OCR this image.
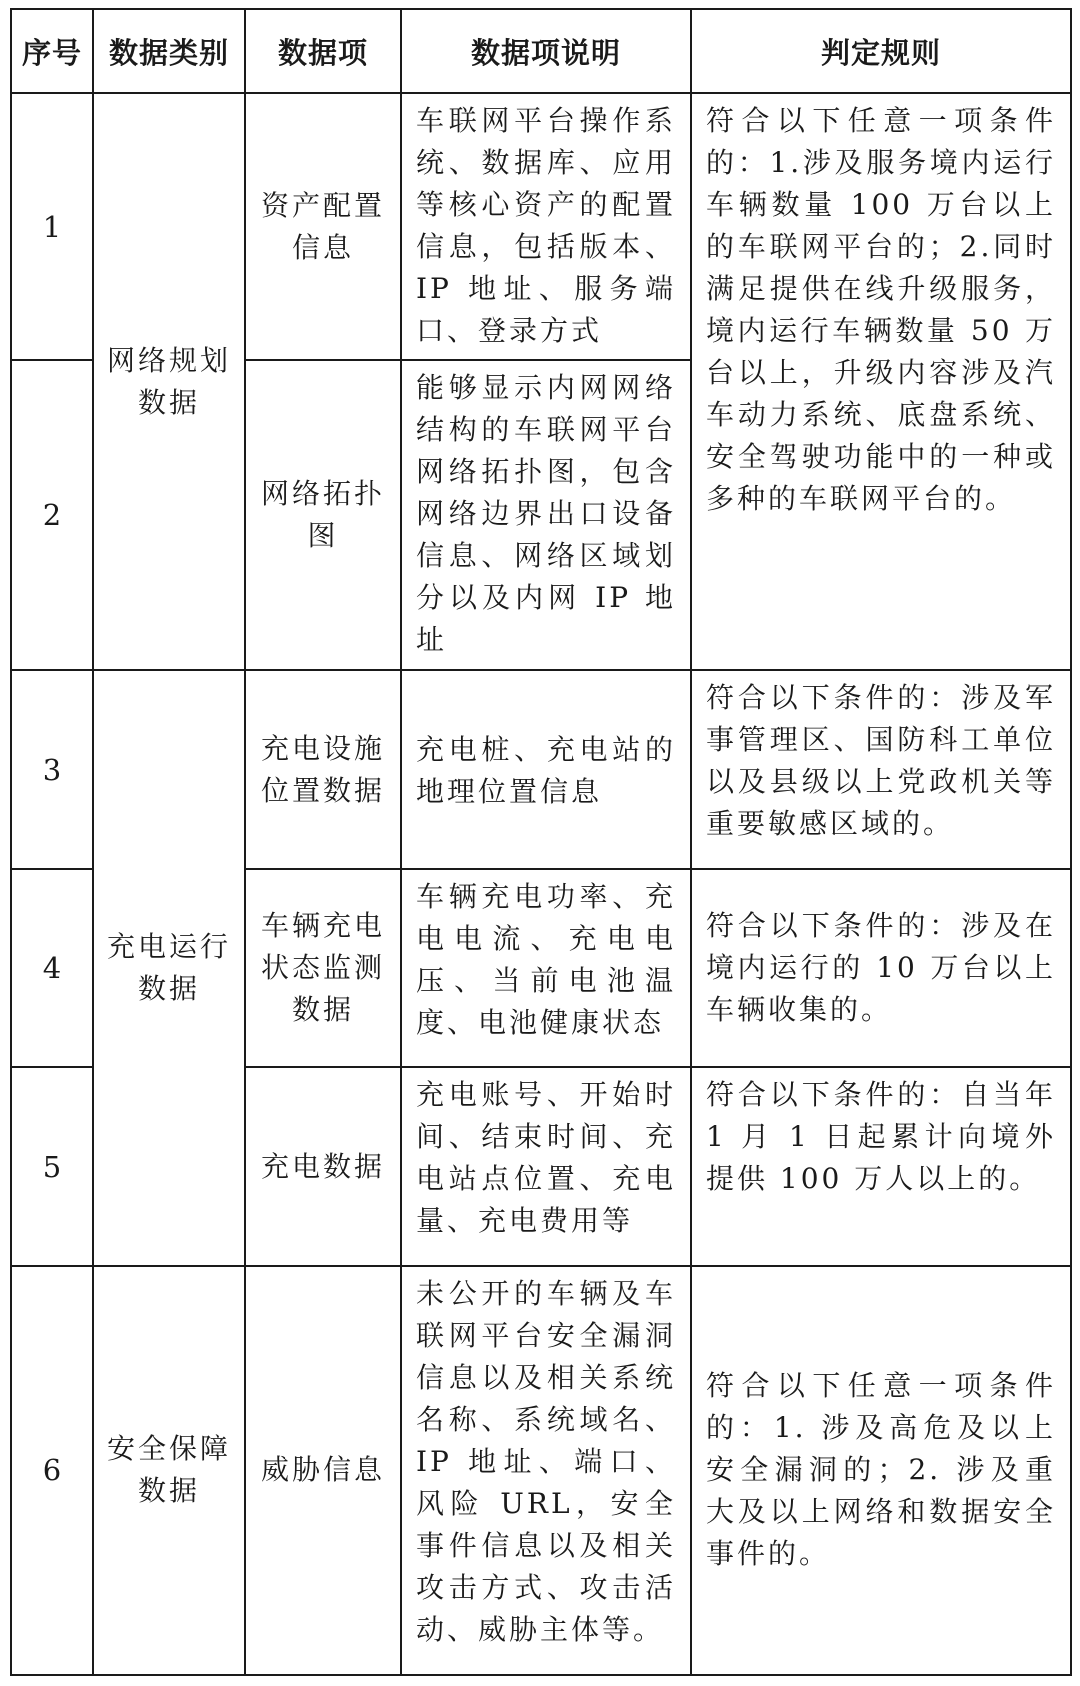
序号	数据类别	数据项	数据项说明	判定规则
1	网络规划数据	资产配置信息	车联网平台操作系统、数据库、应用等核心资产的配置信息，包括版本、IP 地址、服务端口、登录方式	符合以下任意一项条件的：1.涉及服务境内运行车辆数量 100 万台以上的车联网平台的；2.同时满足提供在线升级服务，境内运行车辆数量 50 万台以上，升级内容涉及汽车动力系统、底盘系统、安全驾驶功能中的一种或多种的车联网平台的。
2		网络拓扑图	能够显示内网网络结构的车联网平台网络拓扑图，包含网络边界出口设备信息、网络区域划分以及内网 IP 地址	
3	充电运行数据	充电设施位置数据	充电桩、充电站的地理位置信息	符合以下条件的：涉及军事管理区、国防科工单位以及县级以上党政机关等重要敏感区域的。
4		车辆充电状态监测数据	车辆充电功率、充电电流、充电电压、当前电池温度、电池健康状态	符合以下条件的：涉及在境内运行的 10 万台以上车辆收集的。
5		充电数据	充电账号、开始时间、结束时间、充电站点位置、充电量、充电费用等	符合以下条件的：自当年 1 月 1 日起累计向境外提供 100 万人以上的。
6	安全保障数据	威胁信息	未公开的车辆及车联网平台安全漏洞信息以及相关系统名称、系统域名、IP 地址、端口、风险 URL，安全事件信息以及相关攻击方式、攻击活动、威胁主体等。	符合以下任意一项条件的：1. 涉及高危及以上安全漏洞的；2. 涉及重大及以上网络和数据安全事件的。
